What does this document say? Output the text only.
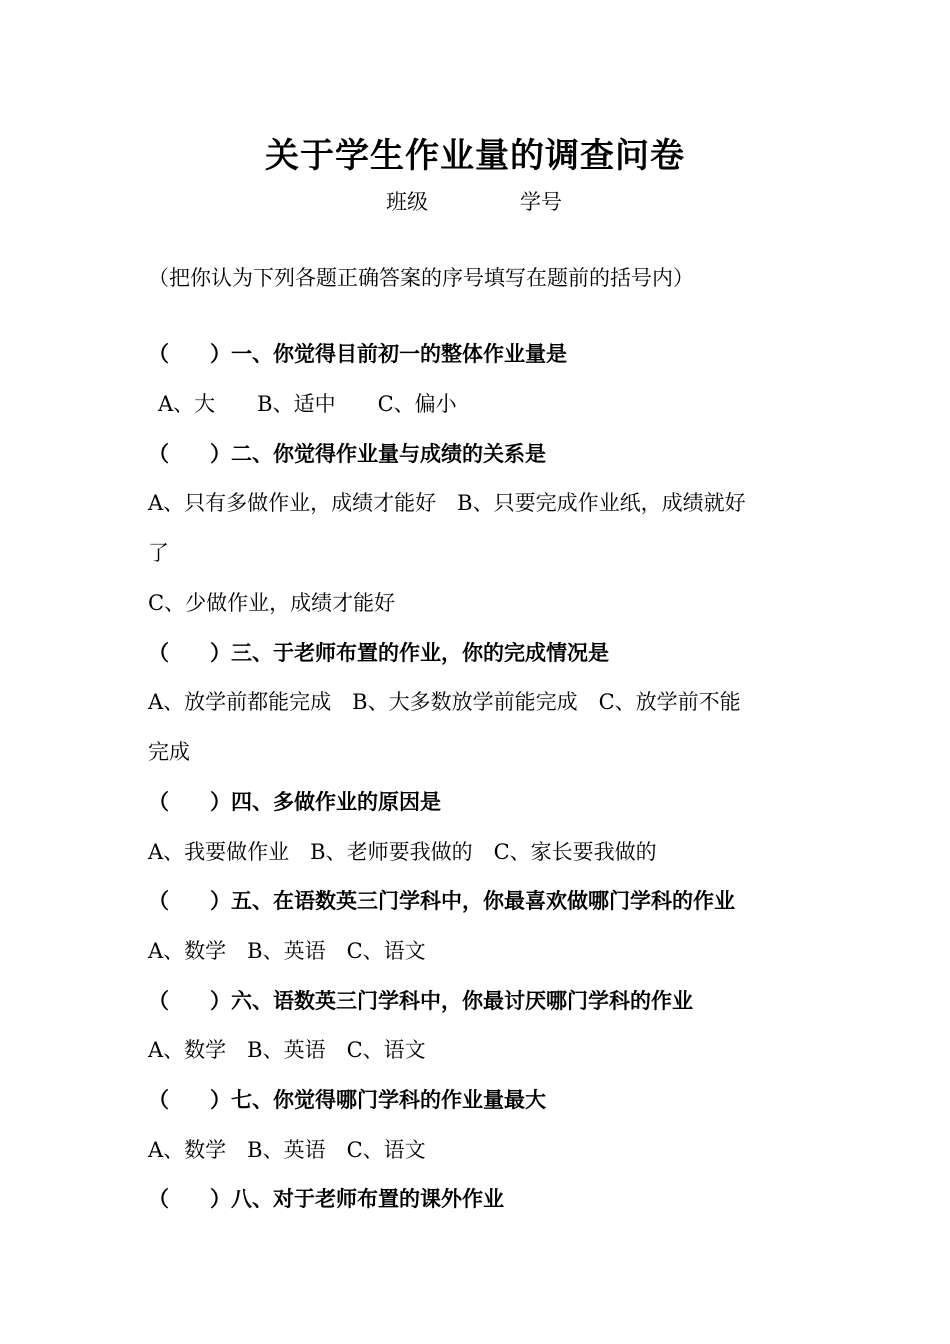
关于学生作业量的调查问卷
班级	学号
（把你认为下列各题正确答案的序号填写在题前的括号内）
（ ）一、你觉得目前初一的整体作业量是
A、大　　B、适中　　C、偏小
（ ）二、你觉得作业量与成绩的关系是
A、只有多做作业，成绩才能好　B、只要完成作业纸，成绩就好
了
C、少做作业，成绩才能好
（ ）三、于老师布置的作业，你的完成情况是
A、放学前都能完成　B、大多数放学前能完成　C、放学前不能
完成
（ ）四、多做作业的原因是
A、我要做作业　B、老师要我做的　C、家长要我做的
（ ）五、在语数英三门学科中，你最喜欢做哪门学科的作业
A、数学　B、英语　C、语文
（ ）六、语数英三门学科中，你最讨厌哪门学科的作业
A、数学　B、英语　C、语文
（ ）七、你觉得哪门学科的作业量最大
A、数学　B、英语　C、语文
（ ）八、对于老师布置的课外作业
